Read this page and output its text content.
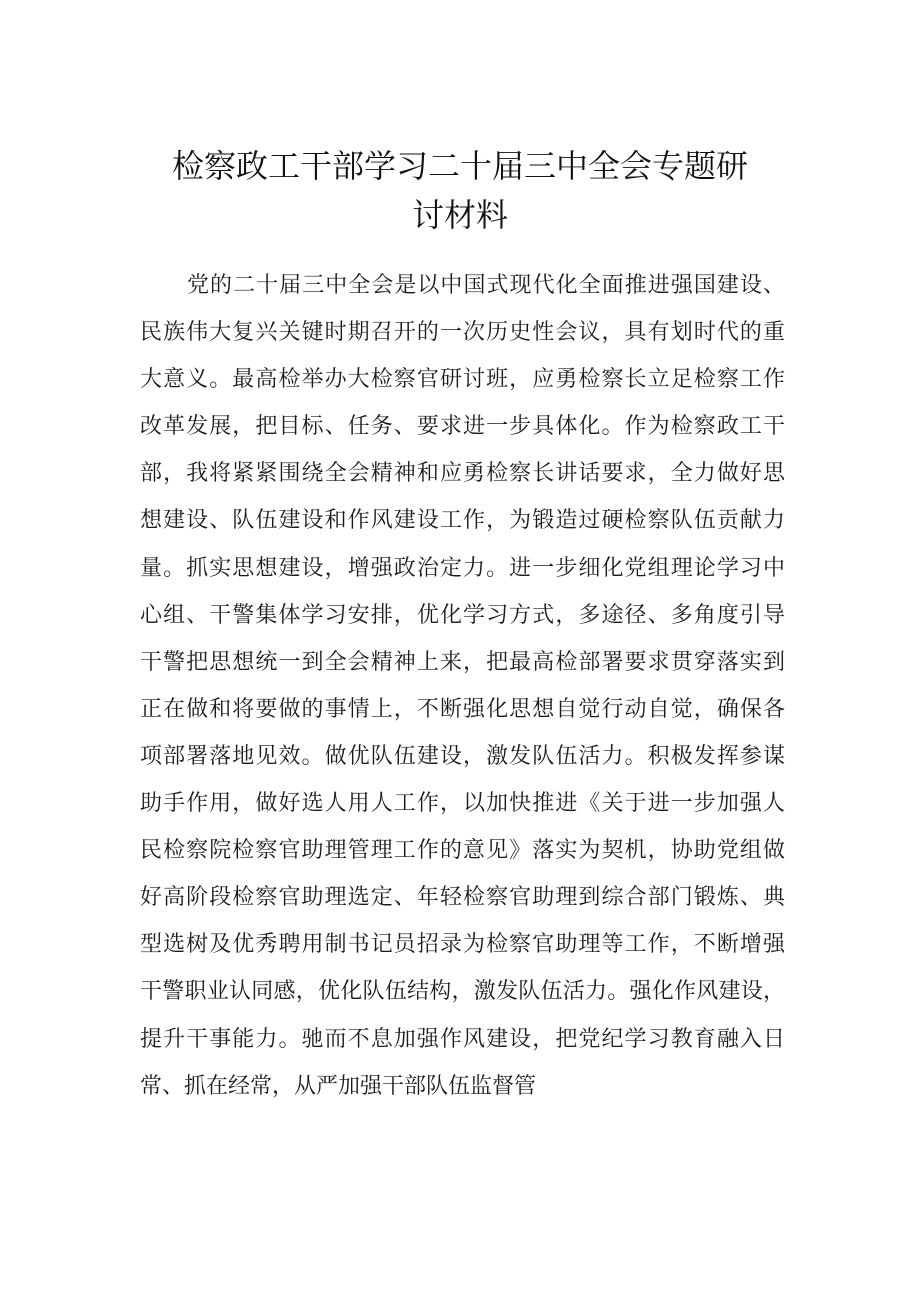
检察政工干部学习二十届三中全会专题研
讨材料
党的二十届三中全会是以中国式现代化全面推进强国建设、
民族伟大复兴关键时期召开的一次历史性会议，具有划时代的重
大意义。最高检举办大检察官研讨班，应勇检察长立足检察工作
改革发展，把目标、任务、要求进一步具体化。作为检察政工干
部，我将紧紧围绕全会精神和应勇检察长讲话要求，全力做好思
想建设、队伍建设和作风建设工作，为锻造过硬检察队伍贡献力
量。抓实思想建设，增强政治定力。进一步细化党组理论学习中
心组、干警集体学习安排，优化学习方式，多途径、多角度引导
干警把思想统一到全会精神上来，把最高检部署要求贯穿落实到
正在做和将要做的事情上，不断强化思想自觉行动自觉，确保各
项部署落地见效。做优队伍建设，激发队伍活力。积极发挥参谋
助手作用，做好选人用人工作，以加快推进《关于进一步加强人
民检察院检察官助理管理工作的意见》落实为契机，协助党组做
好高阶段检察官助理选定、年轻检察官助理到综合部门锻炼、典
型选树及优秀聘用制书记员招录为检察官助理等工作，不断增强
干警职业认同感，优化队伍结构，激发队伍活力。强化作风建设，
提升干事能力。驰而不息加强作风建设，把党纪学习教育融入日
常、抓在经常，从严加强干部队伍监督管
